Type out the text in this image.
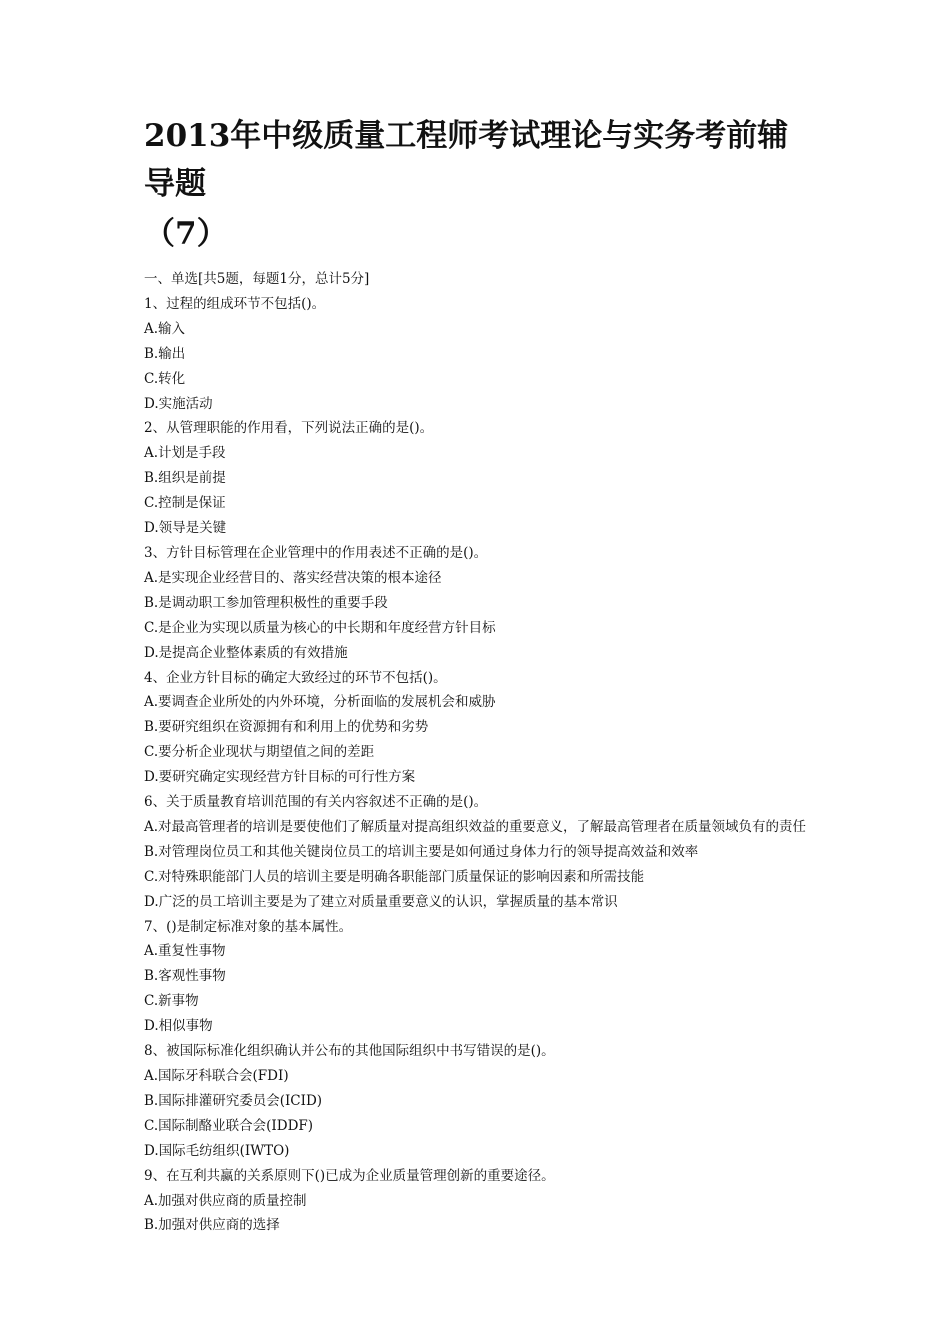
2013年中级质量工程师考试理论与实务考前辅导题
（7）
一、单选[共5题，每题1分，总计5分]
1、过程的组成环节不包括()。
A.输入
B.输出
C.转化
D.实施活动
2、从管理职能的作用看，下列说法正确的是()。
A.计划是手段
B.组织是前提
C.控制是保证
D.领导是关键
3、方针目标管理在企业管理中的作用表述不正确的是()。
A.是实现企业经营目的、落实经营决策的根本途径
B.是调动职工参加管理积极性的重要手段
C.是企业为实现以质量为核心的中长期和年度经营方针目标
D.是提高企业整体素质的有效措施
4、企业方针目标的确定大致经过的环节不包括()。
A.要调查企业所处的内外环境，分析面临的发展机会和威胁
B.要研究组织在资源拥有和利用上的优势和劣势
C.要分析企业现状与期望值之间的差距
D.要研究确定实现经营方针目标的可行性方案
6、关于质量教育培训范围的有关内容叙述不正确的是()。
A.对最高管理者的培训是要使他们了解质量对提高组织效益的重要意义，了解最高管理者在质量领域负有的责任
B.对管理岗位员工和其他关键岗位员工的培训主要是如何通过身体力行的领导提高效益和效率
C.对特殊职能部门人员的培训主要是明确各职能部门质量保证的影响因素和所需技能
D.广泛的员工培训主要是为了建立对质量重要意义的认识，掌握质量的基本常识
7、()是制定标准对象的基本属性。
A.重复性事物
B.客观性事物
C.新事物
D.相似事物
8、被国际标准化组织确认并公布的其他国际组织中书写错误的是()。
A.国际牙科联合会(FDI)
B.国际排灌研究委员会(ICID)
C.国际制酪业联合会(IDDF)
D.国际毛纺组织(IWTO)
9、在互利共赢的关系原则下()已成为企业质量管理创新的重要途径。
A.加强对供应商的质量控制
B.加强对供应商的选择
